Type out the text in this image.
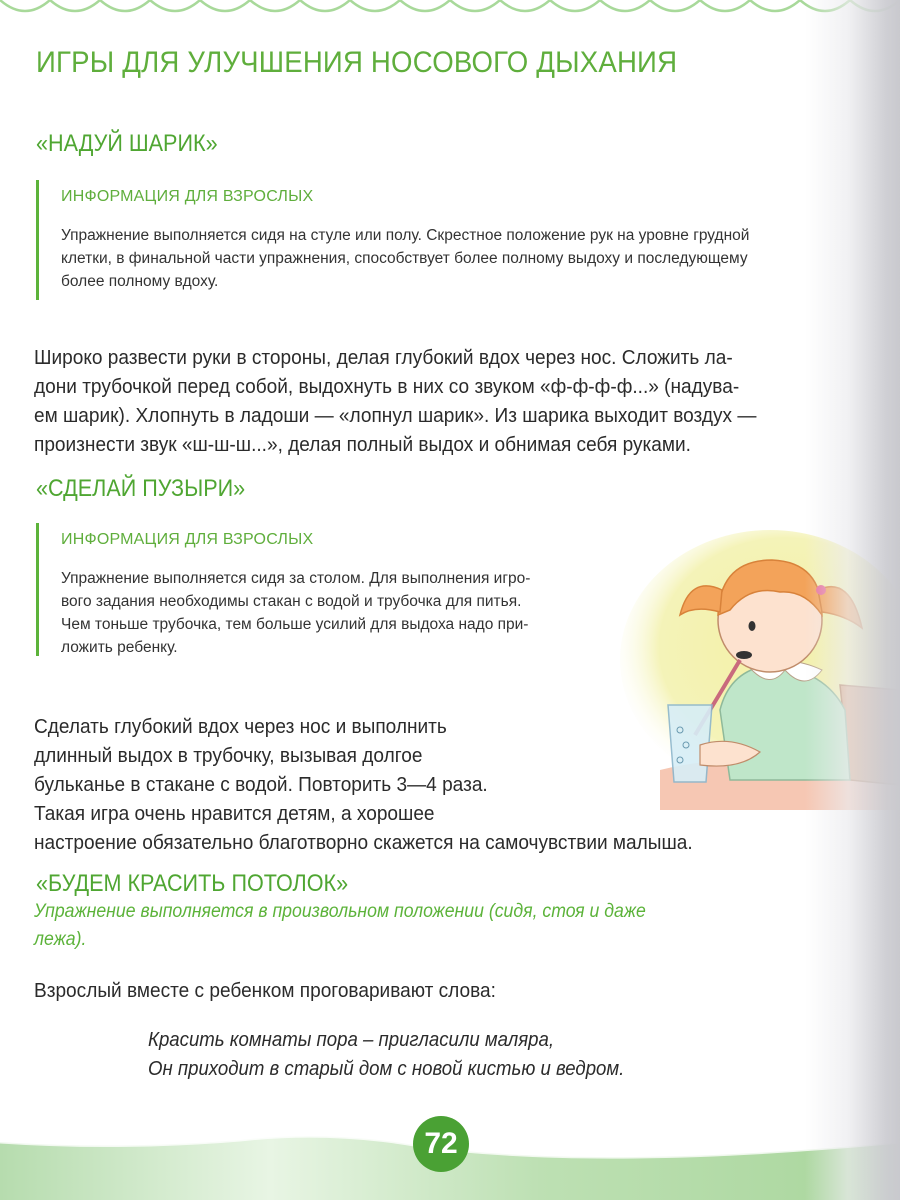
ИГРЫ ДЛЯ УЛУЧШЕНИЯ НОСОВОГО ДЫХАНИЯ
«НАДУЙ ШАРИК»

ИНФОРМАЦИЯ ДЛЯ ВЗРОСЛЫХ

Упражнение выполняется сидя на стуле или полу. Скрестное положение рук на уровне грудной
клетки, в финальной части упражнения, способствует более полному выдоху и последующему
более полному вдоху.

Широко развести руки в стороны, делая глубокий вдох через нос. Сложить ла-
дони трубочкой перед собой, выдохнуть в них со звуком «ф-ф-ф-ф...» (надува-
ем шарик). Хлопнуть в ладоши — «лопнул шарик». Из шарика выходит воздух —
произнести звук «ш-ш-ш...», делая полный выдох и обнимая себя руками.
«СДЕЛАЙ ПУЗЫРИ»

ИНФОРМАЦИЯ ДЛЯ ВЗРОСЛЫХ

Упражнение выполняется сидя за столом. Для выполнения игро-
вого задания необходимы стакан с водой и трубочка для питья.
Чем тоньше трубочка, тем больше усилий для выдоха надо при-
ложить ребенку.

Сделать глубокий вдох через нос и выполнить
длинный выдох в трубочку, вызывая долгое
бульканье в стакане с водой. Повторить 3—4 раза.
Такая игра очень нравится детям, а хорошее
настроение обязательно благотворно скажется на самочувствии малыша.
«БУДЕМ КРАСИТЬ ПОТОЛОК»

Упражнение выполняется в произвольном положении (сидя, стоя и даже
лежа).

Взрослый вместе с ребенком проговаривают слова:

Красить комнаты пора – пригласили маляра,
Он приходит в старый дом с новой кистью и ведром.

72
